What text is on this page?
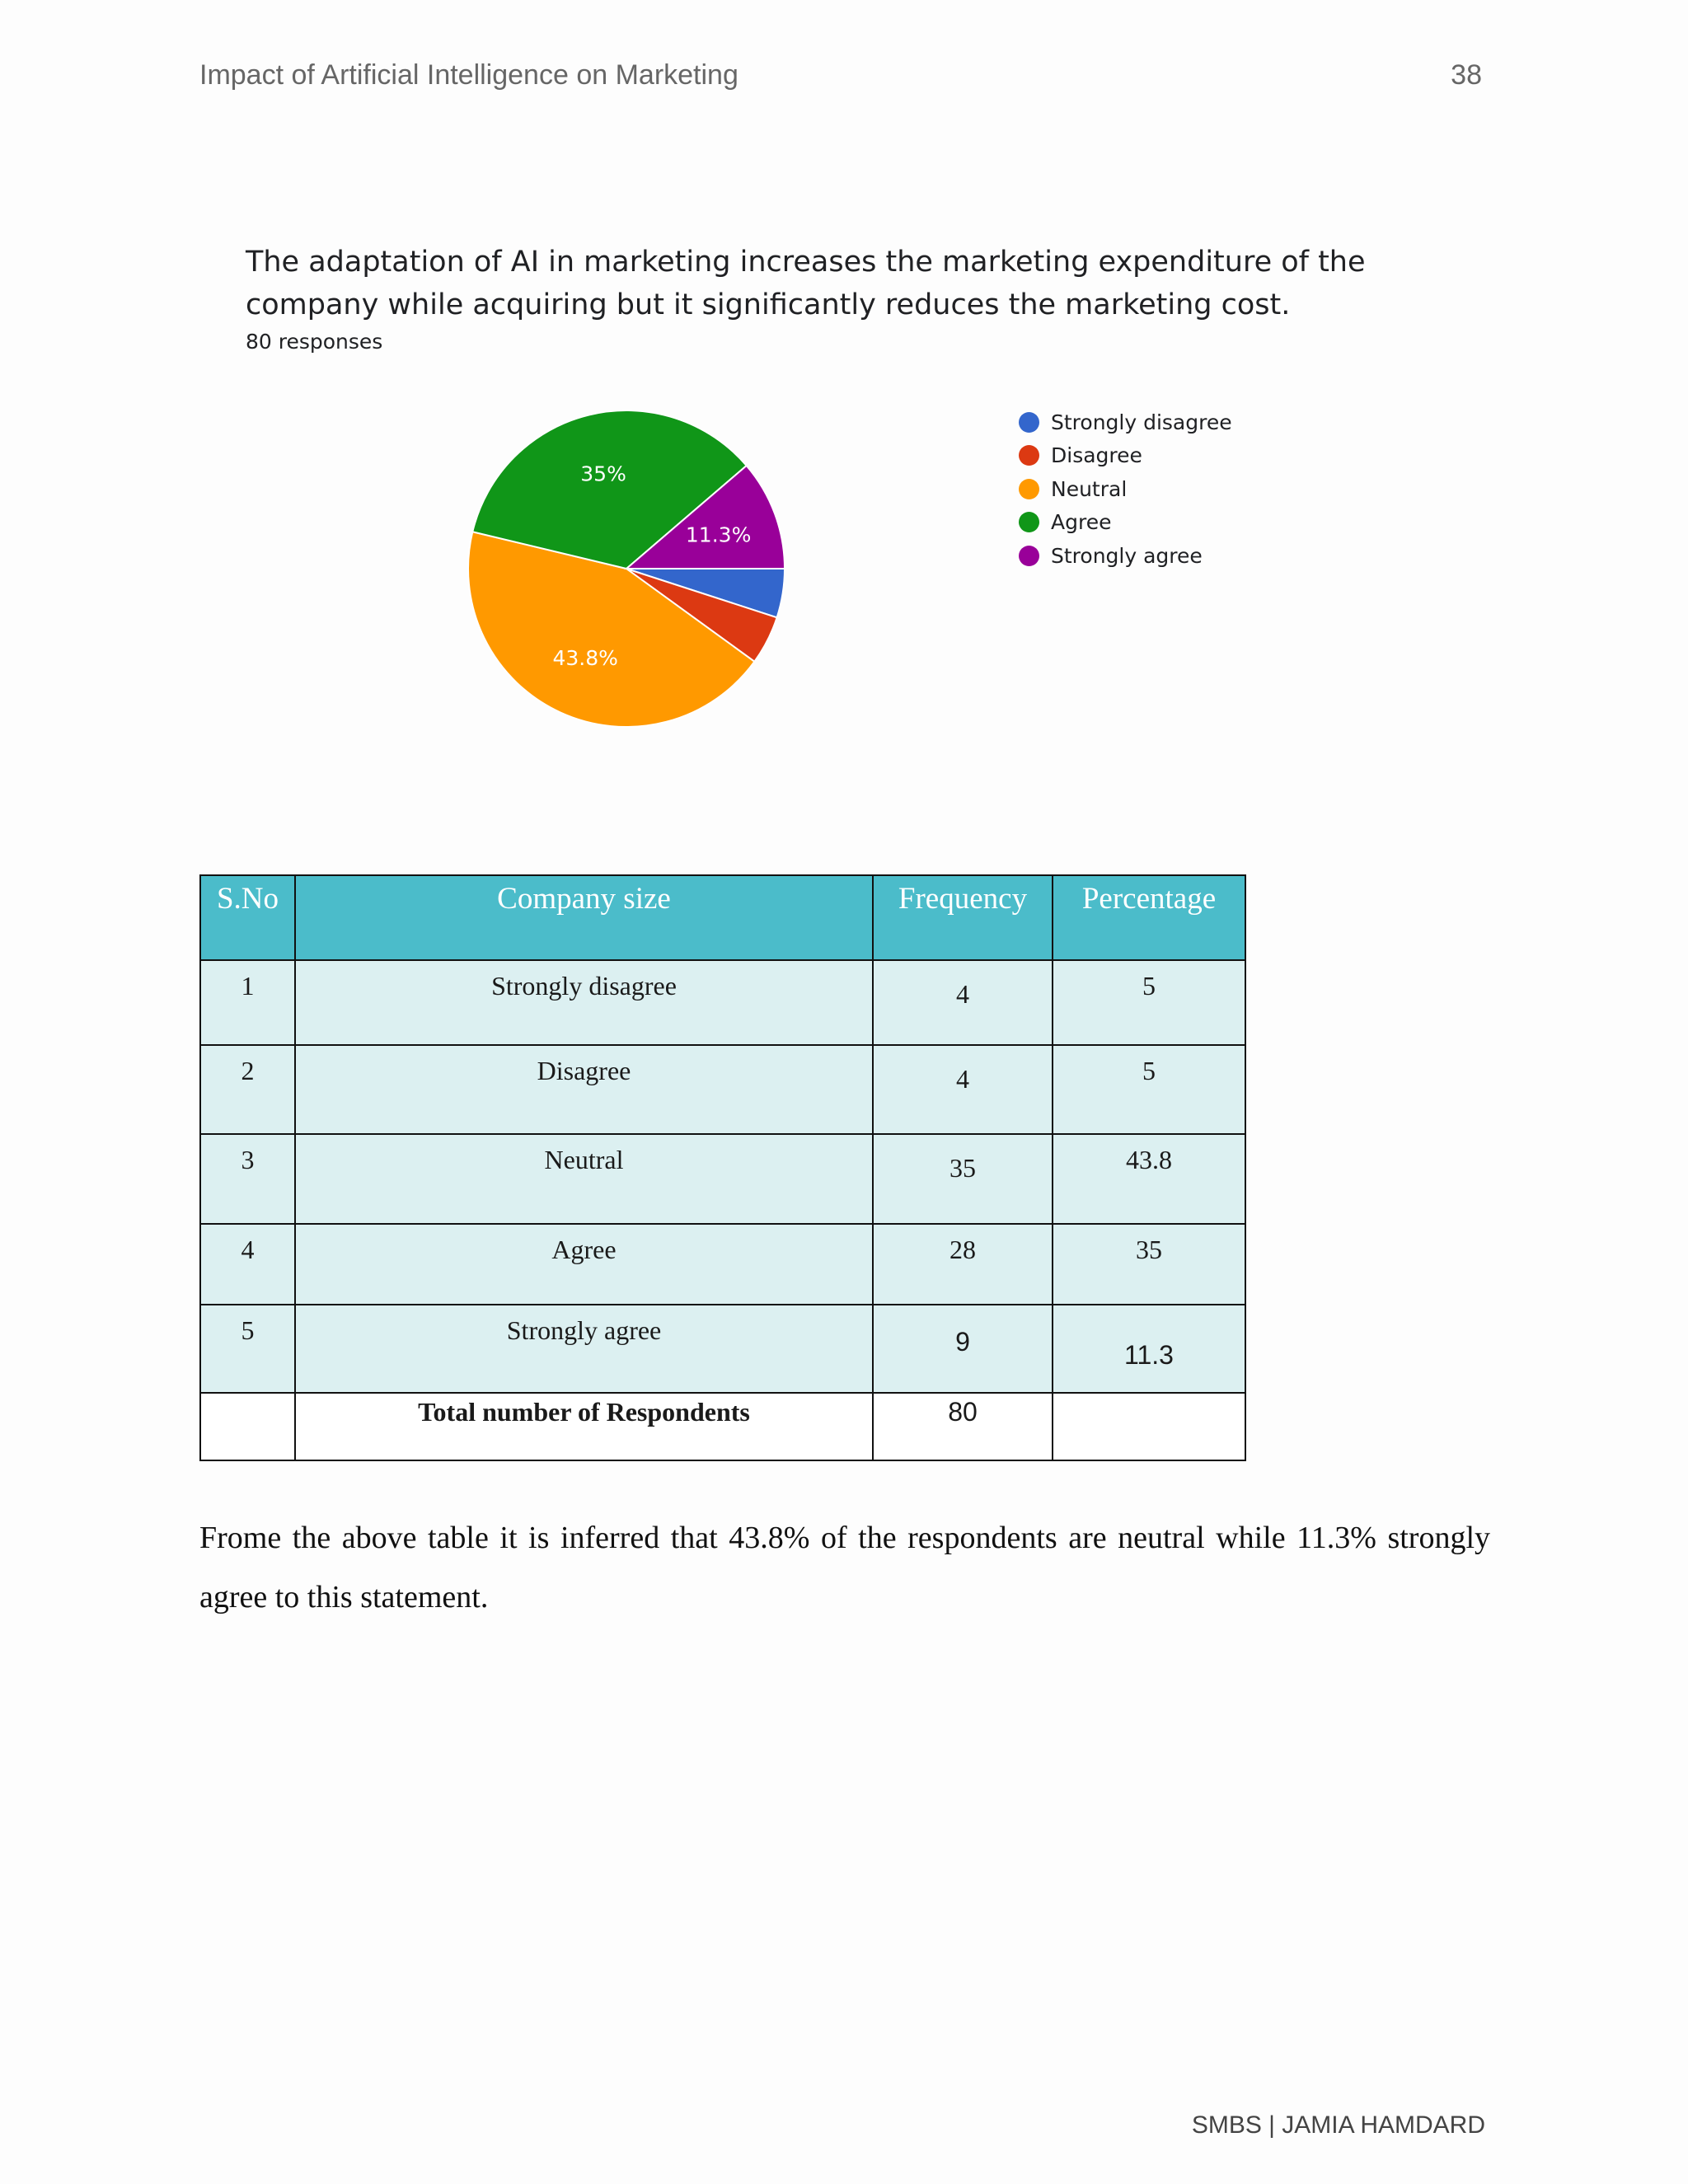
Impact of Artificial Intelligence on Marketing	38
The adaptation of AI in marketing increases the marketing expenditure of the company while acquiring but it significantly reduces the marketing cost.
80 responses
43.8%
35%
11.3%
Strongly disagree
Disagree
Neutral
Agree
Strongly agree
S.No	Company size	Frequency	Percentage
1	Strongly disagree	4	5
2	Disagree	4	5
3	Neutral	35	43.8
4	Agree	28	35
5	Strongly agree	9	11.3
	Total number of Respondents	80	
Frome the above table it is inferred that 43.8% of the respondents are neutral while 11.3% strongly agree to this statement.
SMBS | JAMIA HAMDARD
